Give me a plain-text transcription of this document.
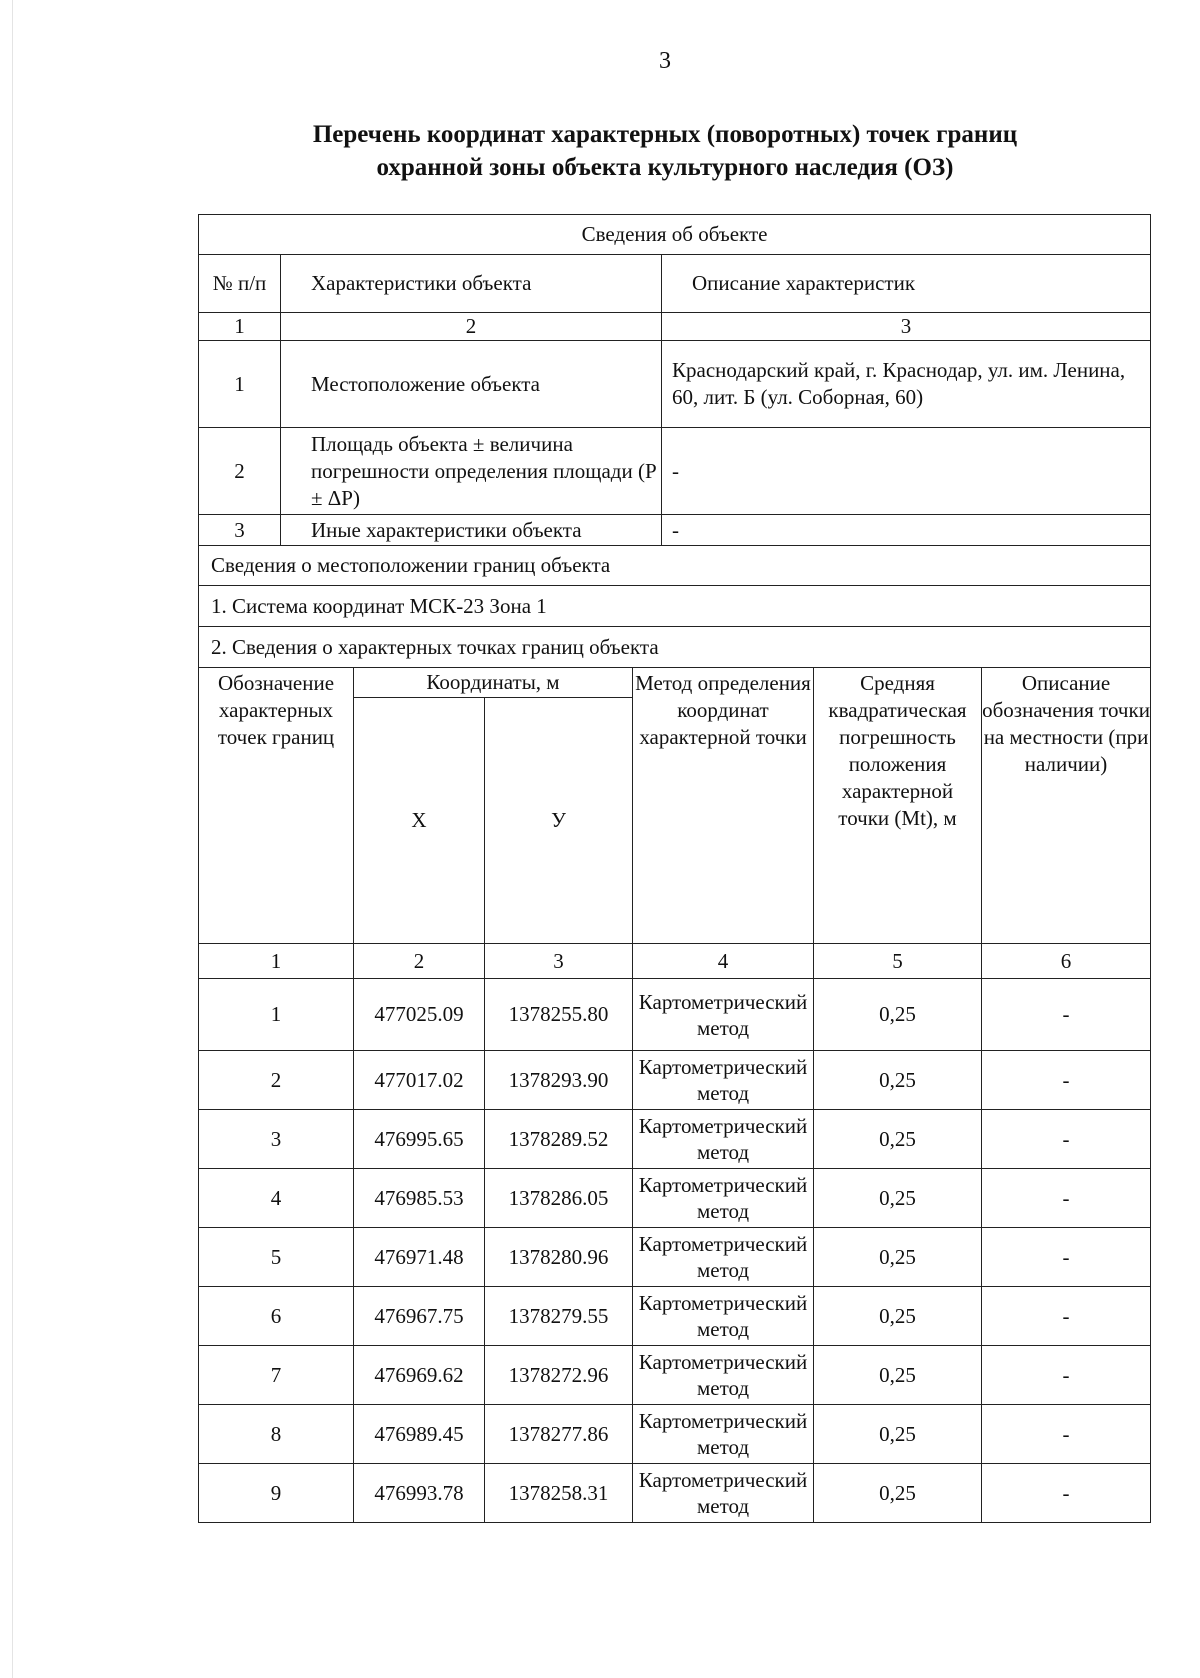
3
Перечень координат характерных (поворотных) точек границ
охранной зоны объекта культурного наследия (ОЗ)
Сведения об объекте							
№ п/п	Характеристики объекта				Описание характеристик		
1	2				3		
1	Местоположение объекта				Краснодарский край, г. Краснодар, ул. им. Ленина, 60, лит. Б (ул. Соборная, 60)		
2	Площадь объекта ± величина погрешности определения площади (Р ± ΔР)				-		
3	Иные характеристики объекта				-		
Сведения о местоположении границ объекта							
1. Система координат МСК-23 Зона 1							
2. Сведения о характерных точках границ объекта							
Обозначение характерных точек границ		Координаты, м		Метод определения координат характерной точки		Средняя квадратическая погрешность положения характерной точки (Mt), м	Описание обозначения точки на местности (при наличии)
		X	У				
1		2	3	4		5	6
1		477025.09	1378255.80	Картометрический метод		0,25	-
2		477017.02	1378293.90	Картометрический метод		0,25	-
3		476995.65	1378289.52	Картометрический метод		0,25	-
4		476985.53	1378286.05	Картометрический метод		0,25	-
5		476971.48	1378280.96	Картометрический метод		0,25	-
6		476967.75	1378279.55	Картометрический метод		0,25	-
7		476969.62	1378272.96	Картометрический метод		0,25	-
8		476989.45	1378277.86	Картометрический метод		0,25	-
9		476993.78	1378258.31	Картометрический метод		0,25	-
